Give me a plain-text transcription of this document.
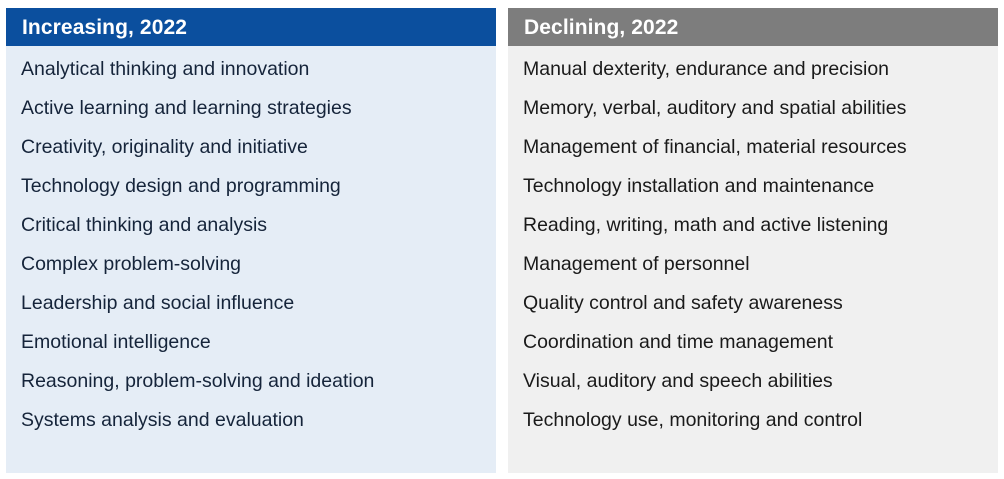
Increasing, 2022
Analytical thinking and innovation
Active learning and learning strategies
Creativity, originality and initiative
Technology design and programming
Critical thinking and analysis
Complex problem-solving
Leadership and social influence
Emotional intelligence
Reasoning, problem-solving and ideation
Systems analysis and evaluation
Declining, 2022
Manual dexterity, endurance and precision
Memory, verbal, auditory and spatial abilities
Management of financial, material resources
Technology installation and maintenance
Reading, writing, math and active listening
Management of personnel
Quality control and safety awareness
Coordination and time management
Visual, auditory and speech abilities
Technology use, monitoring and control
